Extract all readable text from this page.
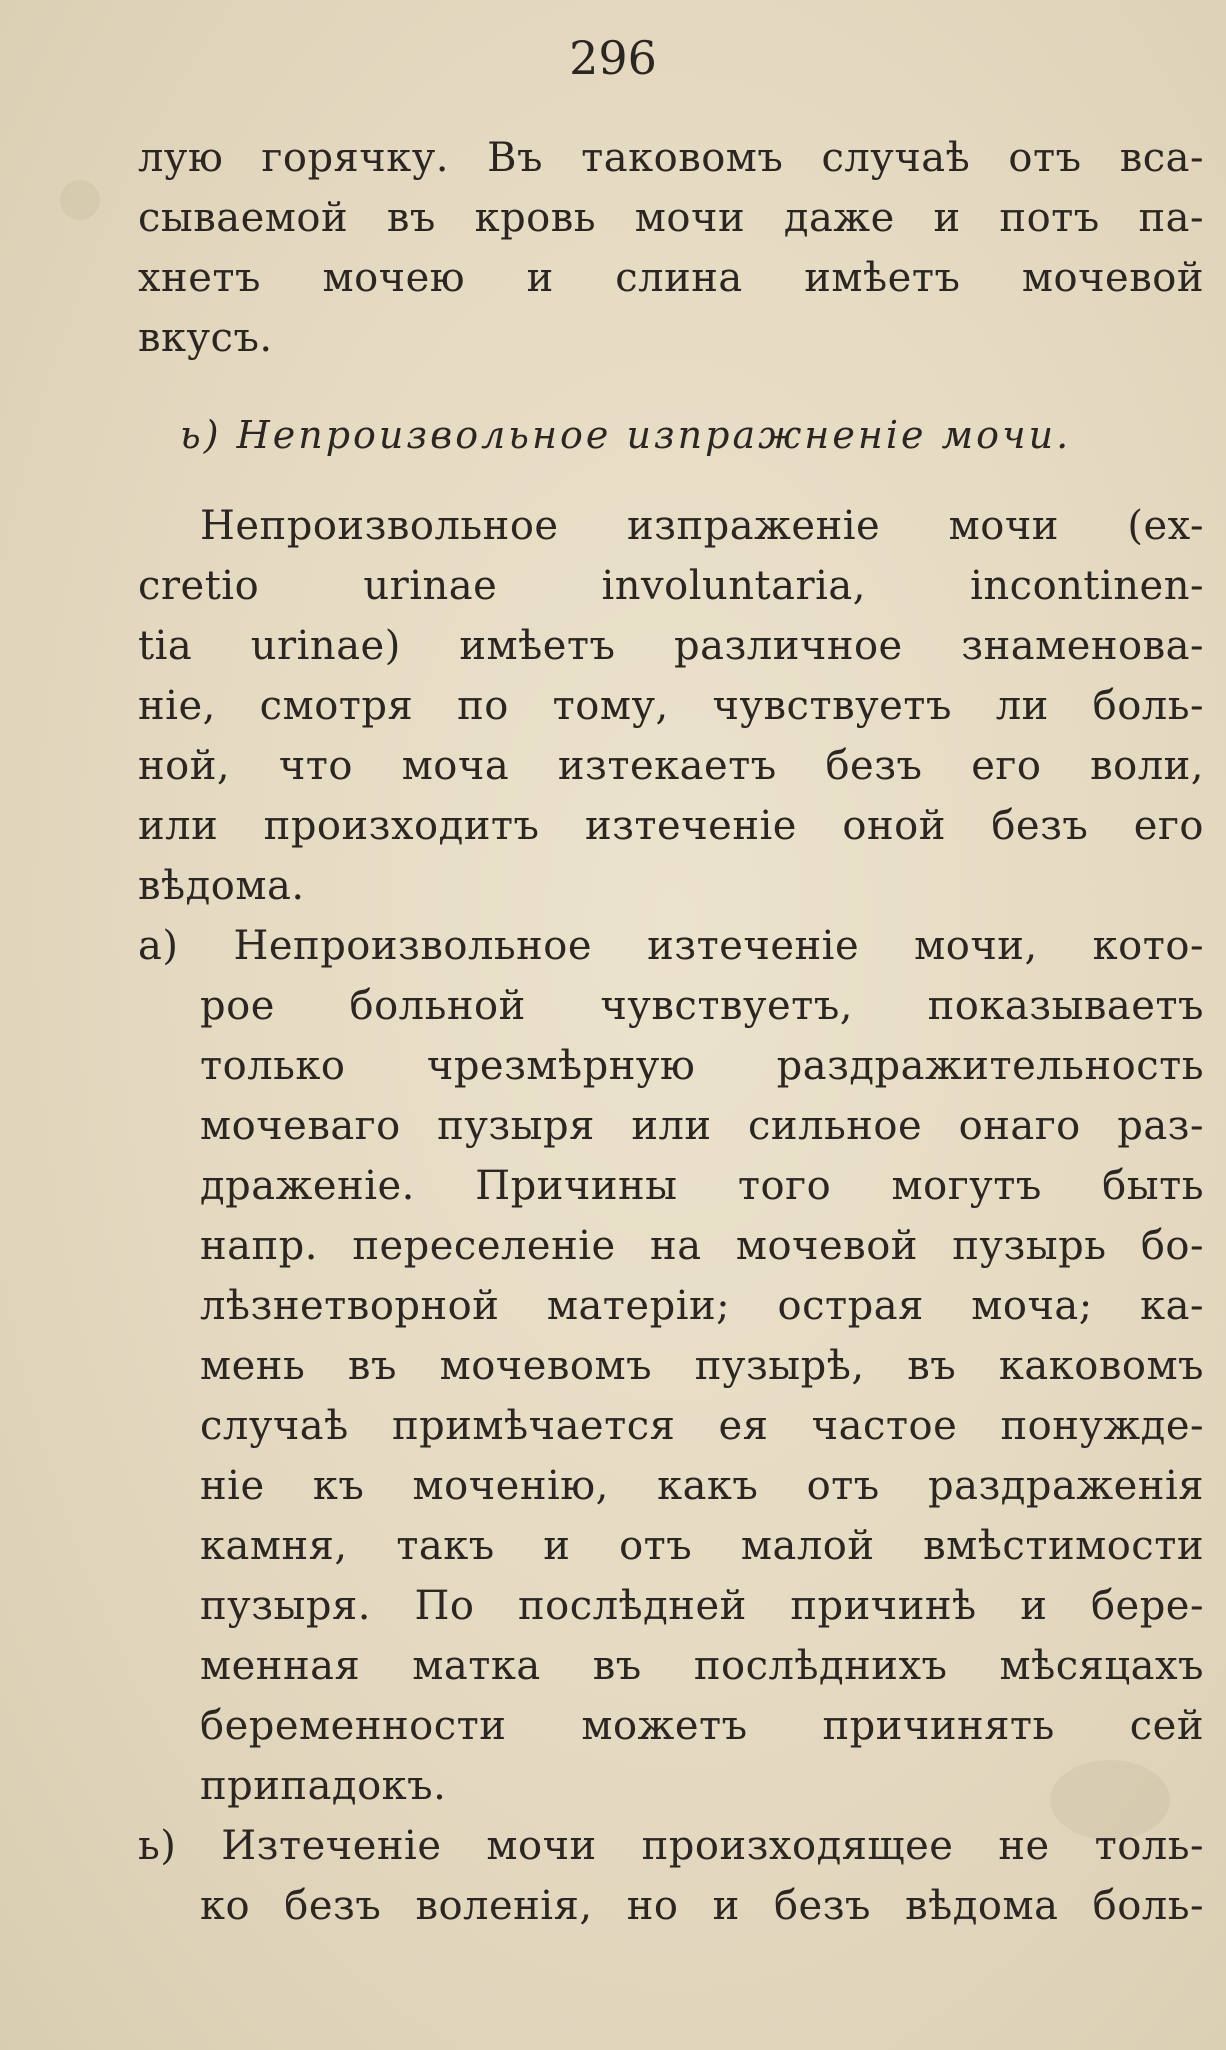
296
лую горячку. Въ таковомъ случаѣ отъ вса-
сываемой въ кровь мочи даже и потъ па-
хнетъ мочею и слина имѣетъ мочевой
вкусъ.
ь) Непроизвольное изпражненіе мочи.
Непроизвольное изпраженіе мочи (ex-
cretio urinae involuntaria, incontinen-
tia urinae) имѣетъ различное знаменова-
ніе, смотря по тому, чувствуетъ ли боль-
ной, что моча изтекаетъ безъ его воли,
или произходитъ изтеченіе оной безъ его
вѣдома.
а) Непроизвольное изтеченіе мочи, кото-
рое больной чувствуетъ, показываетъ
только чрезмѣрную раздражительность
мочеваго пузыря или сильное онаго раз-
драженіе. Причины того могутъ быть
напр. переселеніе на мочевой пузырь бо-
лѣзнетворной матеріи; острая моча; ка-
мень въ мочевомъ пузырѣ, въ каковомъ
случаѣ примѣчается ея частое понужде-
ніе къ моченію, какъ отъ раздраженія
камня, такъ и отъ малой вмѣстимости
пузыря. По послѣдней причинѣ и бере-
менная матка въ послѣднихъ мѣсяцахъ
беременности можетъ причинять сей
припадокъ.
ь) Изтеченіе мочи произходящее не толь-
ко безъ воленія, но и безъ вѣдома боль-
